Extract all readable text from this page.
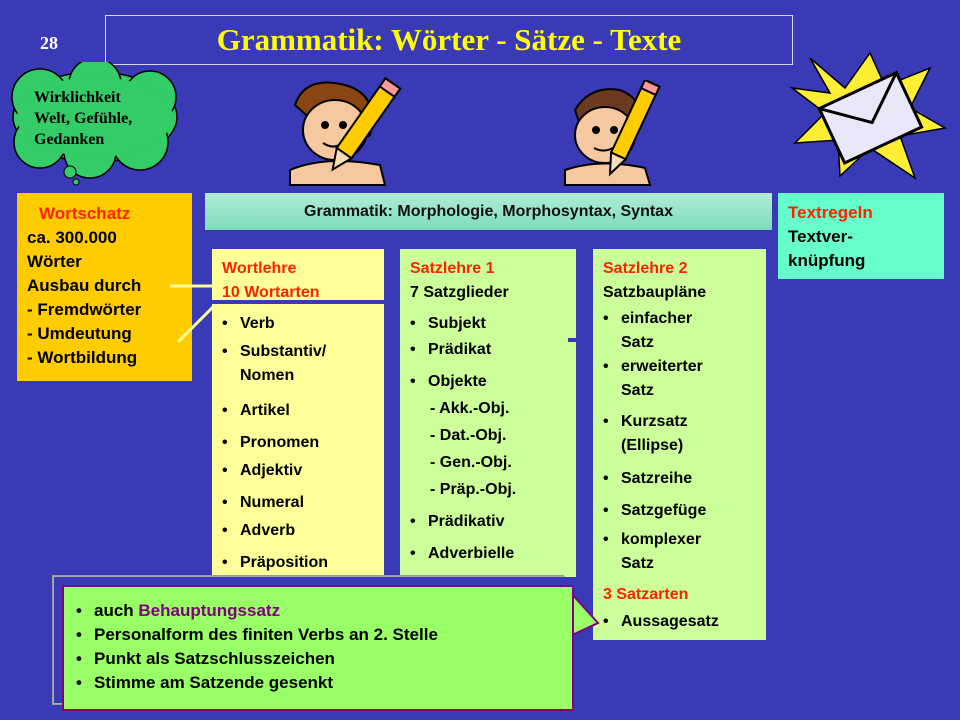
28	Grammatik: Wörter - Sätze - Texte
Wirklichkeit
Welt, Gefühle,
Gedanken
Wortschatz
ca. 300.000
Wörter
Ausbau durch
- Fremdwörter
- Umdeutung
- Wortbildung
Grammatik: Morphologie, Morphosyntax, Syntax	Textregeln
Textver-
knüpfung
Wortlehre
10 Wortarten
• Verb
• Substantiv/
Nomen
• Artikel
• Pronomen
• Adjektiv
• Numeral
• Adverb
• Präposition
Satzlehre 1
7 Satzglieder
• Subjekt
• Prädikat
• Objekte
- Akk.-Obj.
- Dat.-Obj.
- Gen.-Obj.
- Präp.-Obj.
• Prädikativ
• Adverbielle
Satzlehre 2
Satzbaupläne
• einfacher
Satz
• erweiterter
Satz
• Kurzsatz
(Ellipse)
• Satzreihe
• Satzgefüge
• komplexer
Satz
3 Satzarten
• Aussagesatz
• auch Behauptungssatz
• Personalform des finiten Verbs an 2. Stelle
• Punkt als Satzschlusszeichen
• Stimme am Satzende gesenkt
